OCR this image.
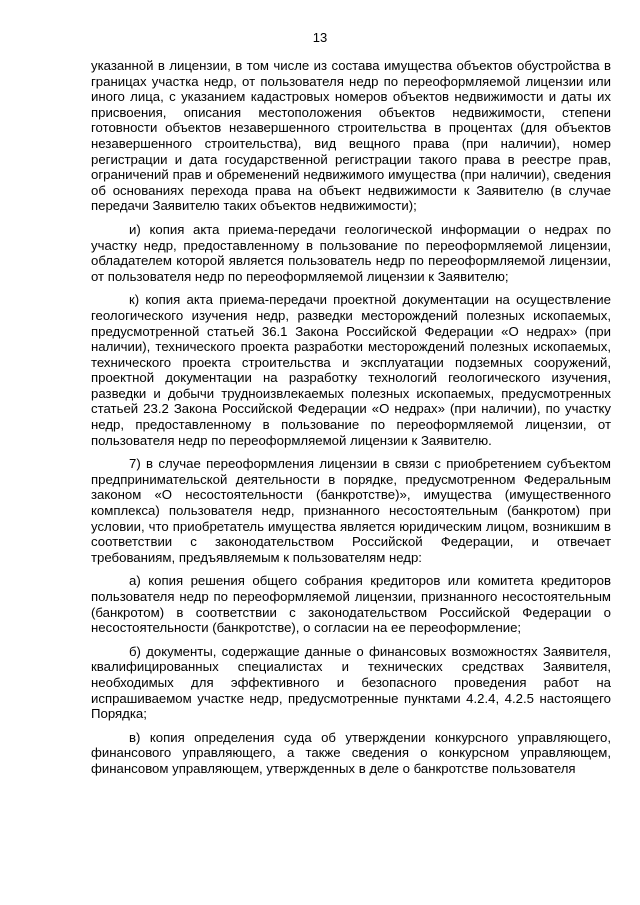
13

указанной в лицензии, в том числе из состава имущества объектов обустройства в границах участка недр, от пользователя недр по переоформляемой лицензии или иного лица, с указанием кадастровых номеров объектов недвижимости и даты их присвоения, описания местоположения объектов недвижимости, степени готовности объектов незавершенного строительства в процентах (для объектов незавершенного строительства), вид вещного права (при наличии), номер регистрации и дата государственной регистрации такого права в реестре прав, ограничений прав и обременений недвижимого имущества (при наличии), сведения об основаниях перехода права на объект недвижимости к Заявителю (в случае передачи Заявителю таких объектов недвижимости);

и) копия акта приема-передачи геологической информации о недрах по участку недр, предоставленному в пользование по переоформляемой лицензии, обладателем которой является пользователь недр по переоформляемой лицензии, от пользователя недр по переоформляемой лицензии к Заявителю;

к) копия акта приема-передачи проектной документации на осуществление геологического изучения недр, разведки месторождений полезных ископаемых, предусмотренной статьей 36.1 Закона Российской Федерации «О недрах» (при наличии), технического проекта разработки месторождений полезных ископаемых, технического проекта строительства и эксплуатации подземных сооружений, проектной документации на разработку технологий геологического изучения, разведки и добычи трудноизвлекаемых полезных ископаемых, предусмотренных статьей 23.2 Закона Российской Федерации «О недрах» (при наличии), по участку недр, предоставленному в пользование по переоформляемой лицензии, от пользователя недр по переоформляемой лицензии к Заявителю.

7) в случае переоформления лицензии в связи с приобретением субъектом предпринимательской деятельности в порядке, предусмотренном Федеральным законом «О несостоятельности (банкротстве)», имущества (имущественного комплекса) пользователя недр, признанного несостоятельным (банкротом) при условии, что приобретатель имущества является юридическим лицом, возникшим в соответствии с законодательством Российской Федерации, и отвечает требованиям, предъявляемым к пользователям недр:

а) копия решения общего собрания кредиторов или комитета кредиторов пользователя недр по переоформляемой лицензии, признанного несостоятельным (банкротом) в соответствии с законодательством Российской Федерации о несостоятельности (банкротстве), о согласии на ее переоформление;

б) документы, содержащие данные о финансовых возможностях Заявителя, квалифицированных специалистах и технических средствах Заявителя, необходимых для эффективного и безопасного проведения работ на испрашиваемом участке недр, предусмотренные пунктами 4.2.4, 4.2.5 настоящего Порядка;

в) копия определения суда об утверждении конкурсного управляющего, финансового управляющего, а также сведения о конкурсном управляющем, финансовом управляющем, утвержденных в деле о банкротстве пользователя
